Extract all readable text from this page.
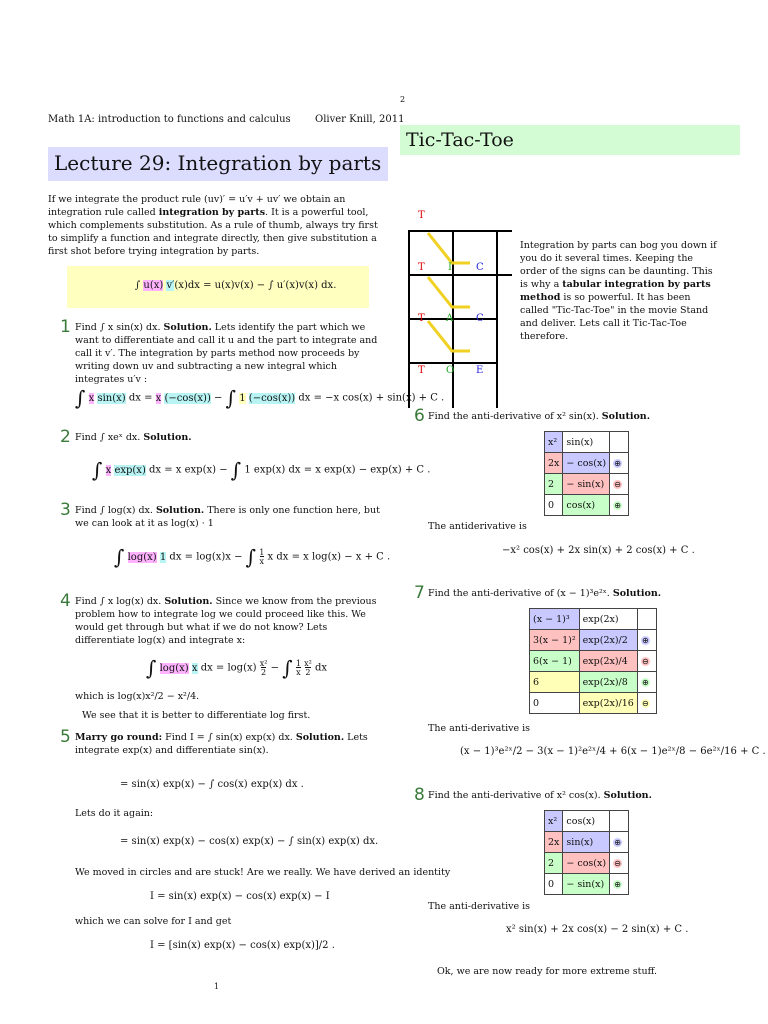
2
1
Math 1A: introduction to functions and calculus Oliver Knill, 2011
Lecture 29: Integration by parts
If we integrate the product rule (uv)′ = u′v + uv′ we obtain an integration rule called integration by parts. It is a powerful tool, which complements substitution. As a rule of thumb, always try first to simplify a function and integrate directly, then give substitution a first shot before trying integration by parts.
∫ u(x) v′(x)dx = u(x)v(x) − ∫ u′(x)v(x) dx.
1 Find ∫ x sin(x) dx. Solution. Lets identify the part which we want to differentiate and call it u and the part to integrate and call it v′. The integration by parts method now proceeds by writing down uv and subtracting a new integral which integrates u′v :
∫ x sin(x) dx = x (−cos(x)) − ∫ 1 (−cos(x)) dx = −x cos(x) + sin(x) + C .
2 Find ∫ xeˣ dx. Solution.
∫ x exp(x) dx = x exp(x) − ∫ 1 exp(x) dx = x exp(x) − exp(x) + C .
3 Find ∫ log(x) dx. Solution. There is only one function here, but we can look at it as log(x) · 1
∫ log(x) 1 dx = log(x)x − ∫ 1
x x dx = x log(x) − x + C .
4 Find ∫ x log(x) dx. Solution. Since we know from the previous problem how to integrate log we could proceed like this. We would get through but what if we do not know? Lets differentiate log(x) and integrate x:
∫ log(x) x dx = log(x) x²
2 − ∫ 1
x x²
2 dx
which is log(x)x²/2 − x²/4.
We see that it is better to differentiate log first.
5 Marry go round: Find I = ∫ sin(x) exp(x) dx. Solution. Lets integrate exp(x) and differentiate sin(x).
= sin(x) exp(x) − ∫ cos(x) exp(x) dx .
Lets do it again:
= sin(x) exp(x) − cos(x) exp(x) − ∫ sin(x) exp(x) dx.
We moved in circles and are stuck! Are we really. We have derived an identity
I = sin(x) exp(x) − cos(x) exp(x) − I
which we can solve for I and get
I = [sin(x) exp(x) − cos(x) exp(x)]/2 .
Tic-Tac-Toe
T
T I C
T A C
T O E
Integration by parts can bog you down if you do it several times. Keeping the order of the signs can be daunting. This is why a tabular integration by parts method is so powerful. It has been called "Tic-Tac-Toe" in the movie Stand and deliver. Lets call it Tic-Tac-Toe therefore.
6 Find the anti-derivative of x² sin(x). Solution.
x²	sin(x)	
2x	− cos(x)	⊕
2	− sin(x)	⊖
0	cos(x)	⊕
The antiderivative is
−x² cos(x) + 2x sin(x) + 2 cos(x) + C .
7 Find the anti-derivative of (x − 1)³e²ˣ. Solution.
(x − 1)³	exp(2x)	
3(x − 1)²	exp(2x)/2	⊕
6(x − 1)	exp(2x)/4	⊖
6	exp(2x)/8	⊕
0	exp(2x)/16	⊖
The anti-derivative is
(x − 1)³e²ˣ/2 − 3(x − 1)²e²ˣ/4 + 6(x − 1)e²ˣ/8 − 6e²ˣ/16 + C .
8 Find the anti-derivative of x² cos(x). Solution.
x²	cos(x)	
2x	sin(x)	⊕
2	− cos(x)	⊖
0	− sin(x)	⊕
The anti-derivative is
x² sin(x) + 2x cos(x) − 2 sin(x) + C .
Ok, we are now ready for more extreme stuff.
